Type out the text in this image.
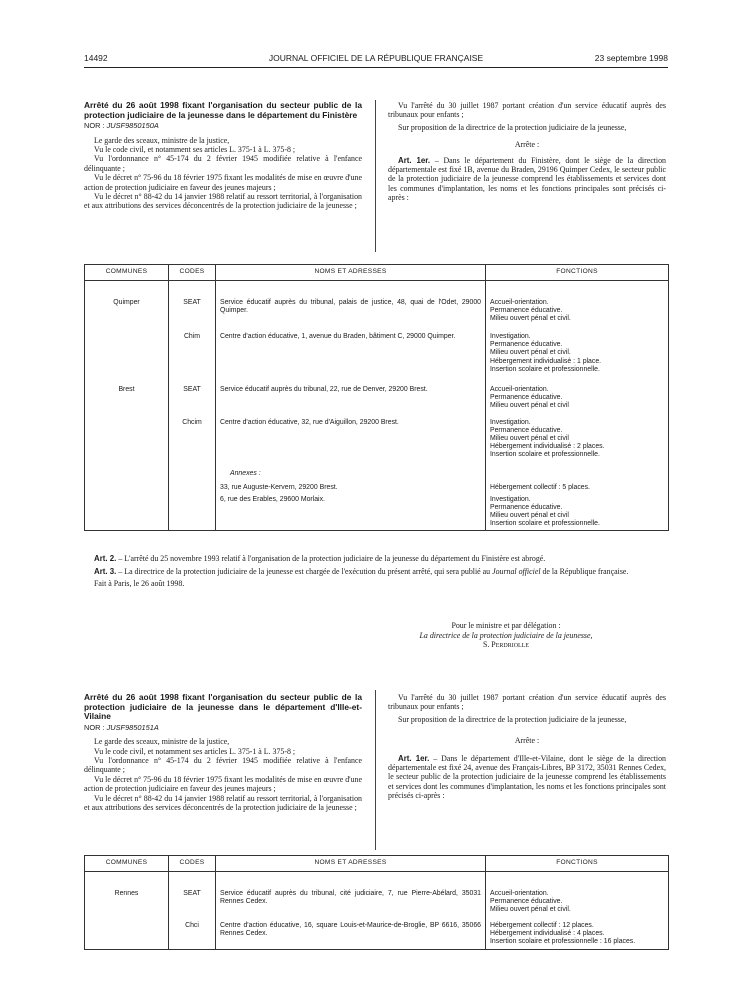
14492	JOURNAL OFFICIEL DE LA RÉPUBLIQUE FRANÇAISE	23 septembre 1998

Arrêté du 26 août 1998 fixant l'organisation du secteur public de la protection judiciaire de la jeunesse dans le département du Finistère

NOR : JUSF9850150A

Le garde des sceaux, ministre de la justice,

Vu le code civil, et notamment ses articles L. 375-1 à L. 375-8 ;

Vu l'ordonnance n° 45-174 du 2 février 1945 modifiée relative à l'enfance délinquante ;

Vu le décret n° 75-96 du 18 février 1975 fixant les modalités de mise en œuvre d'une action de protection judiciaire en faveur des jeunes majeurs ;

Vu le décret n° 88-42 du 14 janvier 1988 relatif au ressort territorial, à l'organisation et aux attributions des services déconcentrés de la protection judiciaire de la jeunesse ;

Vu l'arrêté du 30 juillet 1987 portant création d'un service éducatif auprès des tribunaux pour enfants ;

Sur proposition de la directrice de la protection judiciaire de la jeunesse,

Arrête :

Art. 1er. – Dans le département du Finistère, dont le siège de la direction départementale est fixé 1B, avenue du Braden, 29196 Quimper Cedex, le secteur public de la protection judiciaire de la jeunesse comprend les établissements et services dont les communes d'implantation, les noms et les fonctions principales sont précisés ci-après :

COMMUNES	CODES	NOMS ET ADRESSES	FONCTIONS
Quimper	SEAT	Service éducatif auprès du tribunal, palais de justice, 48, quai de l'Odet, 29000 Quimper.	Accueil-orientation.
Permanence éducative.
Milieu ouvert pénal et civil.

	Chim	Centre d'action éducative, 1, avenue du Braden, bâtiment C, 29000 Quimper.	Investigation.
Permanence éducative.
Milieu ouvert pénal et civil.
Hébergement individualisé : 1 place.
Insertion scolaire et professionnelle.

Brest	SEAT	Service éducatif auprès du tribunal, 22, rue de Denver, 29200 Brest.	Accueil-orientation.
Permanence éducative.
Milieu ouvert pénal et civil

	Chcim	Centre d'action éducative, 32, rue d'Aiguillon, 29200 Brest.	Investigation.
Permanence éducative.
Milieu ouvert pénal et civil
Hébergement individualisé : 2 places.
Insertion scolaire et professionnelle.

		Annexes :	
		33, rue Auguste-Kervern, 29200 Brest.	Hébergement collectif : 5 places.

		6, rue des Erables, 29600 Morlaix.	Investigation.
Permanence éducative.
Milieu ouvert pénal et civil
Insertion scolaire et professionnelle.

Art. 2. – L'arrêté du 25 novembre 1993 relatif à l'organisation de la protection judiciaire de la jeunesse du département du Finistère est abrogé.

Art. 3. – La directrice de la protection judiciaire de la jeunesse est chargée de l'exécution du présent arrêté, qui sera publié au Journal officiel de la République française.

Fait à Paris, le 26 août 1998.

Pour le ministre et par délégation :
La directrice de la protection judiciaire de la jeunesse,
S. Perdriolle

Arrêté du 26 août 1998 fixant l'organisation du secteur public de la protection judiciaire de la jeunesse dans le département d'Ille-et-Vilaine

NOR : JUSF9850151A

Le garde des sceaux, ministre de la justice,

Vu le code civil, et notamment ses articles L. 375-1 à L. 375-8 ;

Vu l'ordonnance n° 45-174 du 2 février 1945 modifiée relative à l'enfance délinquante ;

Vu le décret n° 75-96 du 18 février 1975 fixant les modalités de mise en œuvre d'une action de protection judiciaire en faveur des jeunes majeurs ;

Vu le décret n° 88-42 du 14 janvier 1988 relatif au ressort territorial, à l'organisation et aux attributions des services déconcentrés de la protection judiciaire de la jeunesse ;

Vu l'arrêté du 30 juillet 1987 portant création d'un service éducatif auprès des tribunaux pour enfants ;

Sur proposition de la directrice de la protection judiciaire de la jeunesse,

Arrête :

Art. 1er. – Dans le département d'Ille-et-Vilaine, dont le siège de la direction départementale est fixé 24, avenue des Français-Libres, BP 3172, 35031 Rennes Cedex, le secteur public de la protection judiciaire de la jeunesse comprend les établissements et services dont les communes d'implantation, les noms et les fonctions principales sont précisés ci-après :

COMMUNES	CODES	NOMS ET ADRESSES	FONCTIONS
Rennes	SEAT	Service éducatif auprès du tribunal, cité judiciaire, 7, rue Pierre-Abélard, 35031 Rennes Cedex.	Accueil-orientation.
Permanence éducative.
Milieu ouvert pénal et civil.

	Chci	Centre d'action éducative, 16, square Louis-et-Maurice-de-Broglie, BP 6616, 35066 Rennes Cedex.	Hébergement collectif : 12 places.
Hébergement individualisé : 4 places.
Insertion scolaire et professionnelle : 16 places.
